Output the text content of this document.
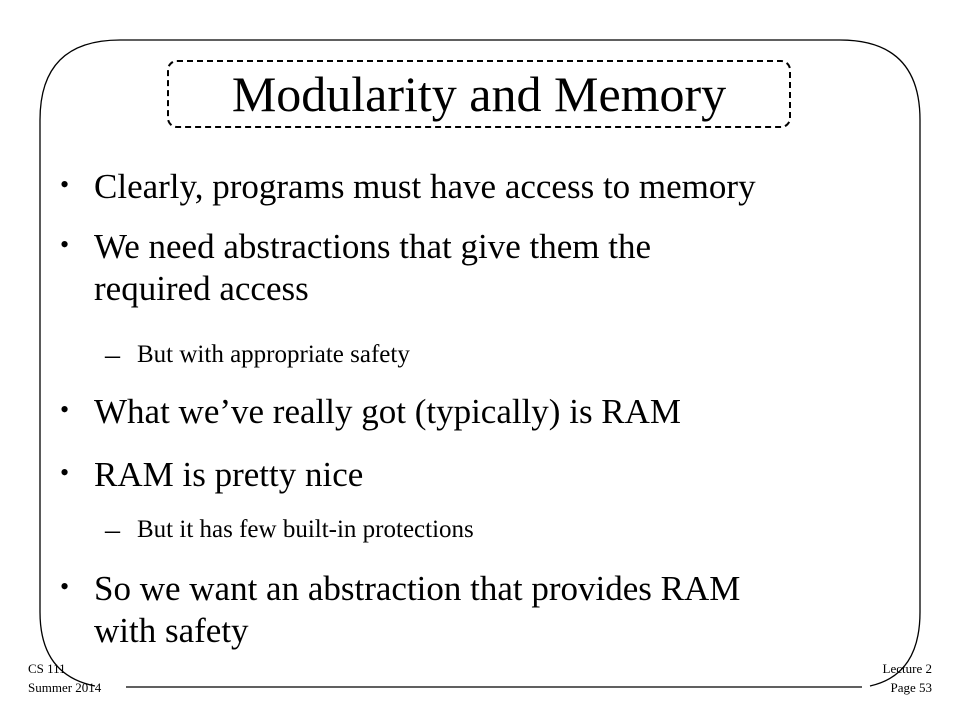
Modularity and Memory
• Clearly, programs must have access to memory
• We need abstractions that give them the
required access
– But with appropriate safety
• What we’ve really got (typically) is RAM
• RAM is pretty nice
– But it has few built-in protections
• So we want an abstraction that provides RAM
with safety
CS 111
Summer 2014
Lecture 2
Page 53
